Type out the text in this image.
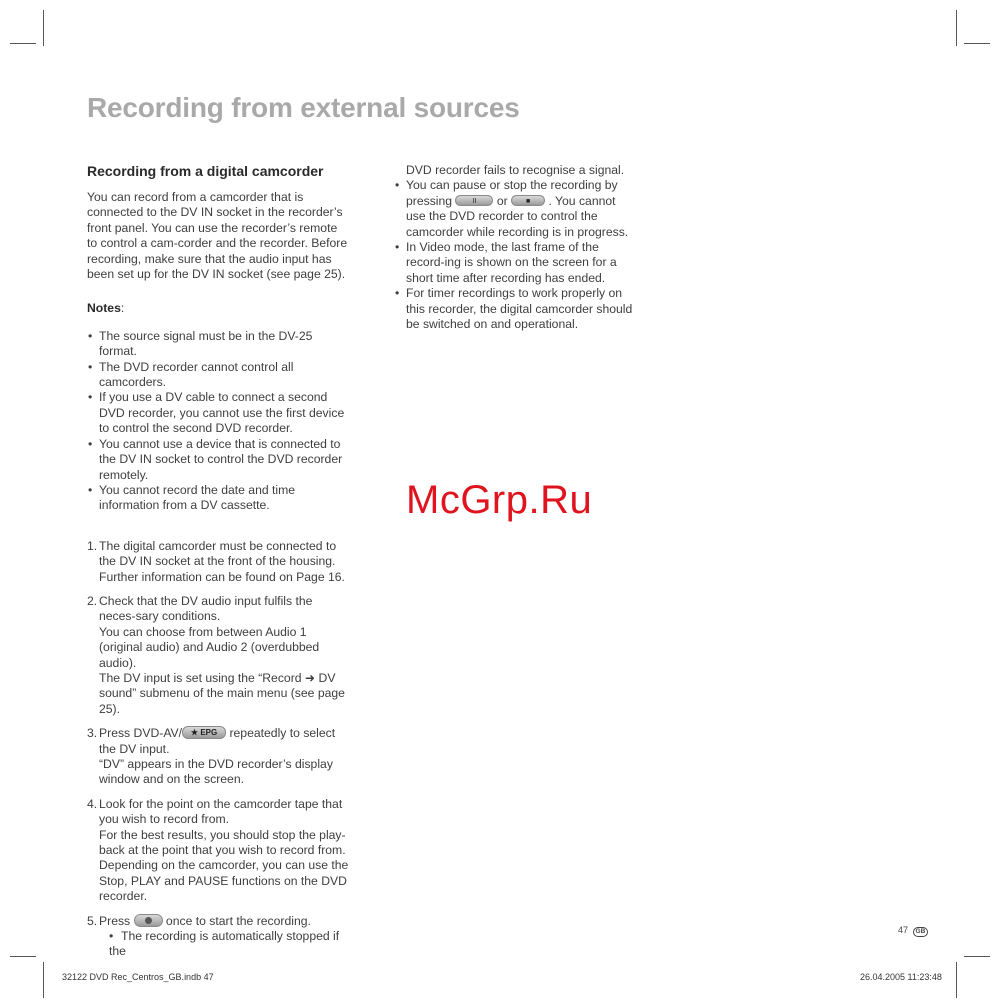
Recording from external sources
Recording from a digital camcorder

You can record from a camcorder that is connected to the DV IN socket in the recorder’s front panel. You can use the recorder’s remote to control a cam-corder and the recorder. Before recording, make sure that the audio input has been set up for the DV IN socket (see page 25).

Notes:
• The source signal must be in the DV-25 format.
• The DVD recorder cannot control all camcorders.
• If you use a DV cable to connect a second DVD recorder, you cannot use the first device to control the second DVD recorder.
• You cannot use a device that is connected to the DV IN socket to control the DVD recorder remotely.
• You cannot record the date and time information from a DV cassette.
1. The digital camcorder must be connected to the DV IN socket at the front of the housing. Further information can be found on Page 16.
2. Check that the DV audio input fulfils the neces-sary conditions.
You can choose from between Audio 1 (original audio) and Audio 2 (overdubbed audio).
The DV input is set using the “Record ➜ DV sound” submenu of the main menu (see page 25).
3. Press DVD-AV/ ★ EPG repeatedly to select the DV input.
“DV” appears in the DVD recorder’s display window and on the screen.
4. Look for the point on the camcorder tape that you wish to record from.
For the best results, you should stop the play-back at the point that you wish to record from. Depending on the camcorder, you can use the Stop, PLAY and PAUSE functions on the DVD recorder.
5. Press  once to start the recording.
• The recording is automatically stopped if the
DVD recorder fails to recognise a signal.
• You can pause or stop the recording by pressing II or ■ . You cannot use the DVD recorder to control the camcorder while recording is in progress.
• In Video mode, the last frame of the record-ing is shown on the screen for a short time after recording has ended.
• For timer recordings to work properly on this recorder, the digital camcorder should be switched on and operational.
McGrp.Ru
47 GB
32122 DVD Rec_Centros_GB.indb 47	26.04.2005 11:23:48
